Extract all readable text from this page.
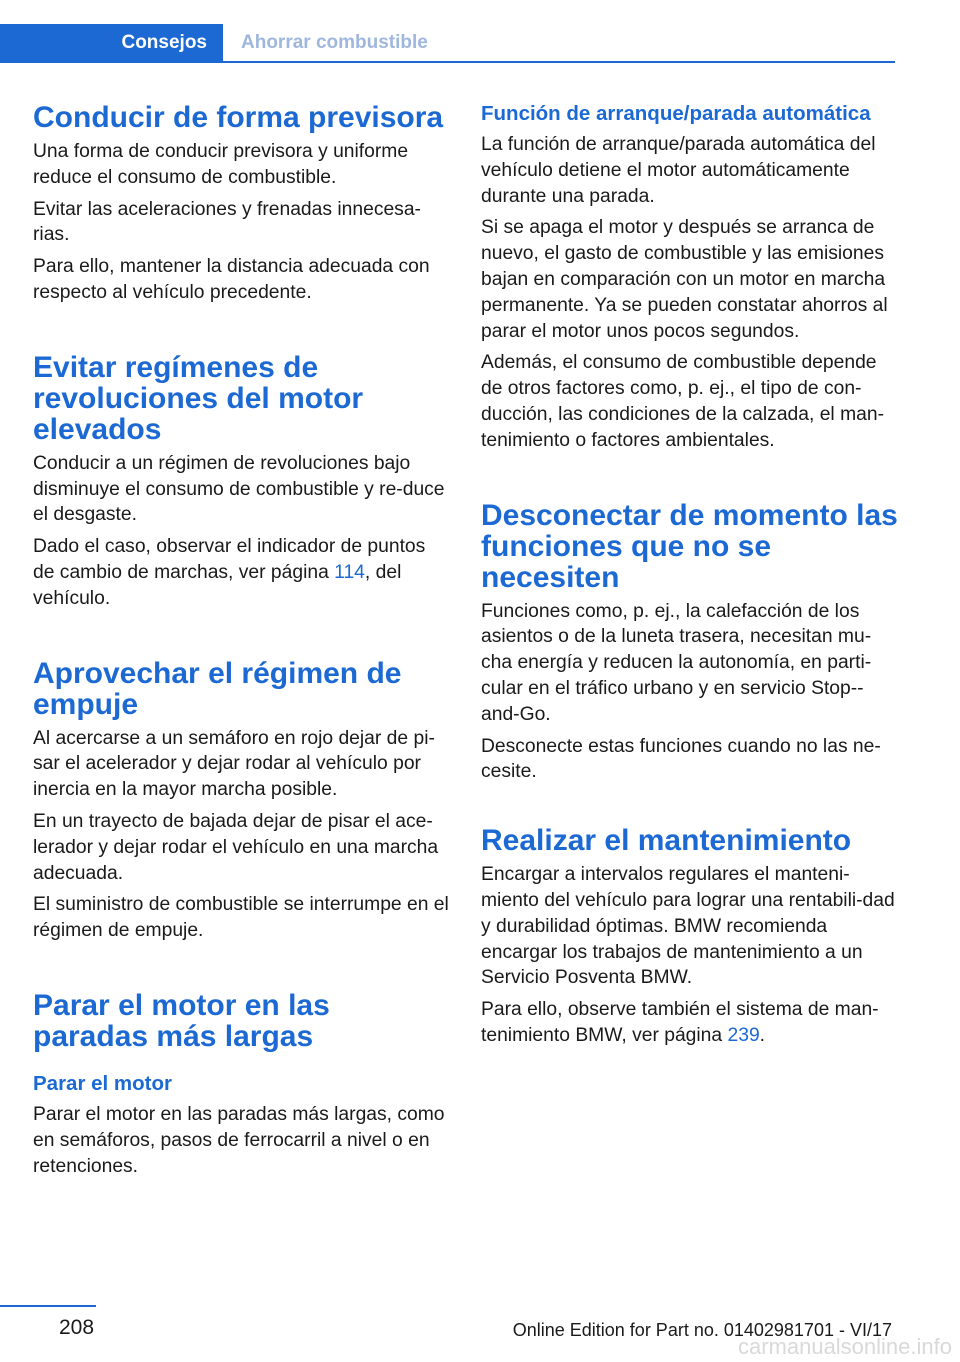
Consejos	Ahorrar combustible
Conducir de forma previsora

Una forma de conducir previsora y uniforme reduce el consumo de combustible.

Evitar las aceleraciones y frenadas innecesa‐rias.

Para ello, mantener la distancia adecuada con respecto al vehículo precedente.

Evitar regímenes de revoluciones del motor elevados

Conducir a un régimen de revoluciones bajo disminuye el consumo de combustible y re‐duce el desgaste.

Dado el caso, observar el indicador de puntos de cambio de marchas, ver página 114, del vehículo.

Aprovechar el régimen de empuje

Al acercarse a un semáforo en rojo dejar de pi‐sar el acelerador y dejar rodar al vehículo por inercia en la mayor marcha posible.

En un trayecto de bajada dejar de pisar el ace‐lerador y dejar rodar el vehículo en una marcha adecuada.

El suministro de combustible se interrumpe en el régimen de empuje.

Parar el motor en las paradas más largas
Parar el motor

Parar el motor en las paradas más largas, como en semáforos, pasos de ferrocarril a nivel o en retenciones.

Función de arranque/parada automática

La función de arranque/parada automática del vehículo detiene el motor automáticamente durante una parada.

Si se apaga el motor y después se arranca de nuevo, el gasto de combustible y las emisiones bajan en comparación con un motor en marcha permanente. Ya se pueden constatar ahorros al parar el motor unos pocos segundos.

Además, el consumo de combustible depende de otros factores como, p. ej., el tipo de con‐ducción, las condiciones de la calzada, el man‐tenimiento o factores ambientales.

Desconectar de momento las funciones que no se necesiten

Funciones como, p. ej., la calefacción de los asientos o de la luneta trasera, necesitan mu‐cha energía y reducen la autonomía, en parti‐cular en el tráfico urbano y en servicio Stop‐-and-Go.

Desconecte estas funciones cuando no las ne‐cesite.

Realizar el mantenimiento

Encargar a intervalos regulares el manteni‐miento del vehículo para lograr una rentabili‐dad y durabilidad óptimas. BMW recomienda encargar los trabajos de mantenimiento a un Servicio Posventa BMW.

Para ello, observe también el sistema de man‐tenimiento BMW, ver página 239.

208	Online Edition for Part no. 01402981701 - VI/17
carmanualsonline.info
